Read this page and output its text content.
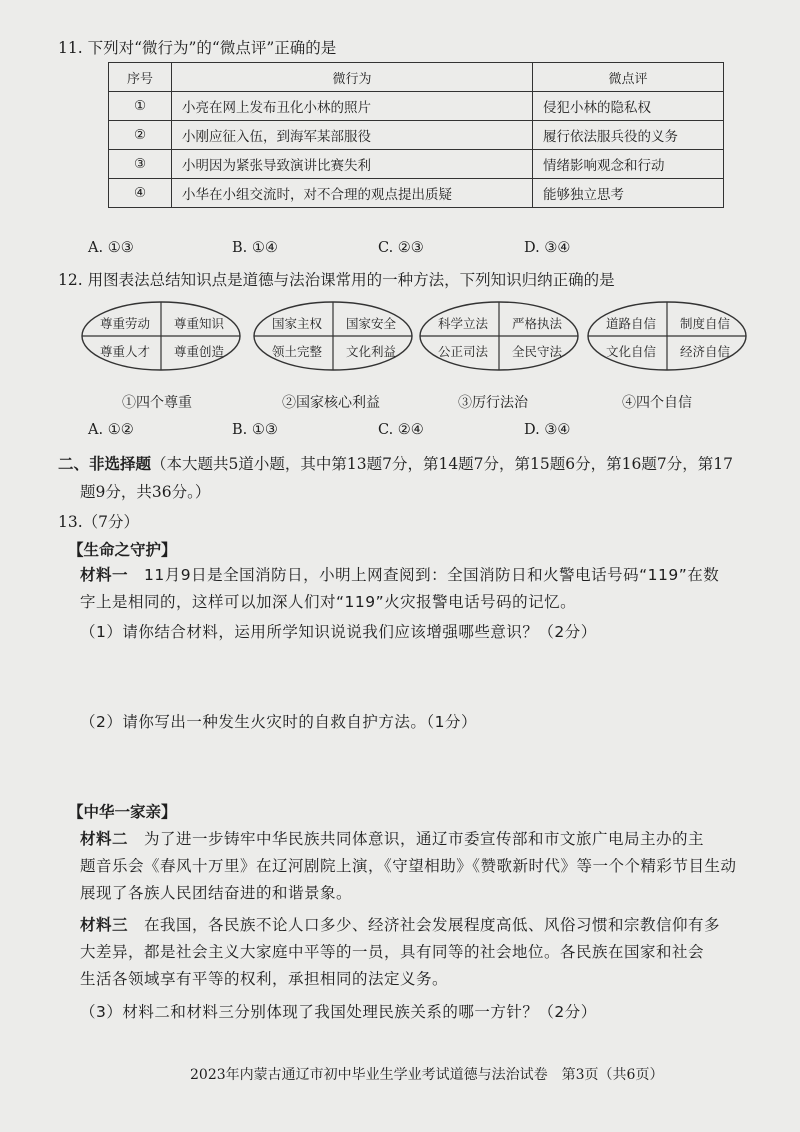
11. 下列对“微行为”的“微点评”正确的是
序号	微行为	微点评
①	小亮在网上发布丑化小林的照片	侵犯小林的隐私权
②	小刚应征入伍，到海军某部服役	履行依法服兵役的义务
③	小明因为紧张导致演讲比赛失利	情绪影响观念和行动
④	小华在小组交流时，对不合理的观点提出质疑	能够独立思考
A. ①③	B. ①④	C. ②③	D. ③④
12. 用图表法总结知识点是道德与法治课常用的一种方法，下列知识归纳正确的是
尊重劳动	尊重知识
尊重人才	尊重创造
①四个尊重
国家主权	国家安全
领土完整	文化利益
②国家核心利益
科学立法	严格执法
公正司法	全民守法
③厉行法治
道路自信	制度自信
文化自信	经济自信
④四个自信
A. ①②	B. ①③	C. ②④	D. ③④
二、非选择题（本大题共5道小题，其中第13题7分，第14题7分，第15题6分，第16题7分，第17
题9分，共36分。）
13.（7分）
【生命之守护】
材料一　 11月9日是全国消防日，小明上网查阅到：全国消防日和火警电话号码“119”在数
字上是相同的，这样可以加深人们对“119”火灾报警电话号码的记忆。
（1）请你结合材料，运用所学知识说说我们应该增强哪些意识？（2分）
（2）请你写出一种发生火灾时的自救自护方法。（1分）
【中华一家亲】
材料二　 为了进一步铸牢中华民族共同体意识，通辽市委宣传部和市文旅广电局主办的主
题音乐会《春风十万里》在辽河剧院上演，《守望相助》《赞歌新时代》等一个个精彩节目生动
展现了各族人民团结奋进的和谐景象。
材料三　 在我国，各民族不论人口多少、经济社会发展程度高低、风俗习惯和宗教信仰有多
大差异，都是社会主义大家庭中平等的一员，具有同等的社会地位。各民族在国家和社会
生活各领域享有平等的权利，承担相同的法定义务。
（3）材料二和材料三分别体现了我国处理民族关系的哪一方针？（2分）
2023年内蒙古通辽市初中毕业生学业考试道德与法治试卷　第3页（共6页）
